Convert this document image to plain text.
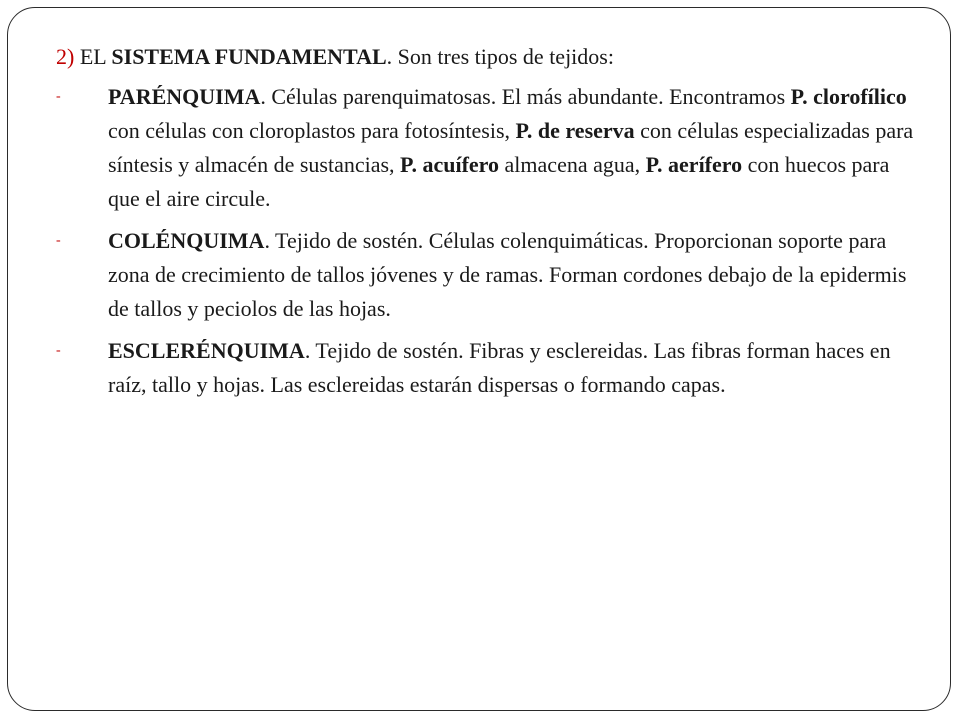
2) EL SISTEMA FUNDAMENTAL. Son tres tipos de tejidos:

- PARÉNQUIMA. Células parenquimatosas. El más abundante. Encontramos P. clorofílico con células con cloroplastos para fotosíntesis, P. de reserva con células especializadas para síntesis y almacén de sustancias, P. acuífero almacena agua, P. aerífero con huecos para que el aire circule.
- COLÉNQUIMA. Tejido de sostén. Células colenquimáticas. Proporcionan soporte para zona de crecimiento de tallos jóvenes y de ramas. Forman cordones debajo de la epidermis de tallos y peciolos de las hojas.
- ESCLERÉNQUIMA. Tejido de sostén. Fibras y esclereidas. Las fibras forman haces en raíz, tallo y hojas. Las esclereidas estarán dispersas o formando capas.
